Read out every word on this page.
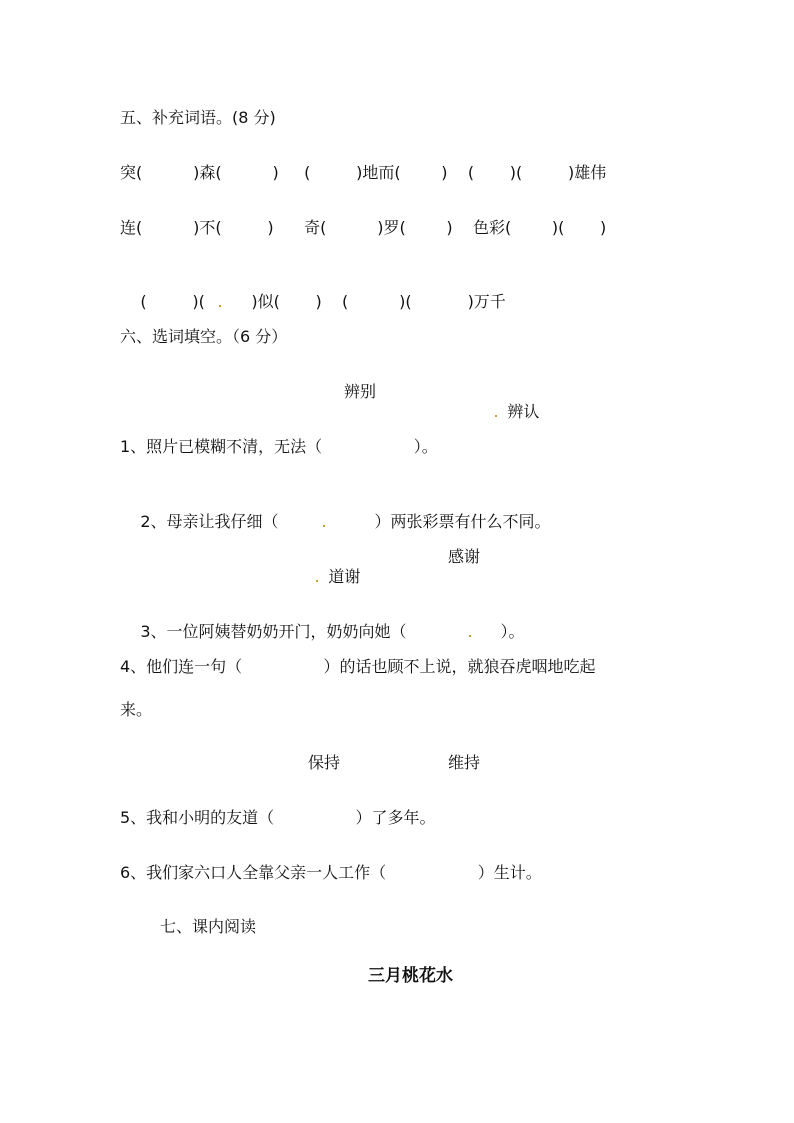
五、补充词语。(8 分)
突(          )森(          )     (         )地而(        )    (       )(         )雄伟
连(          )不(         )      奇(          )罗(        )    色彩(        )(       )

(         )(      )似(       )    (          )(           )万千

六、选词填空。（6 分）
辨别

辨认

1、照片已模糊不清，无法（                  ）。

2、母亲让我仔细（	）两张彩票有什么不同。

道谢

感谢

3、一位阿姨替奶奶开门，奶奶向她（	）。

4、他们连一句（                ）的话也顾不上说，就狼吞虎咽地吃起
来。
保持	维持
5、我和小明的友道（                ）了多年。
6、我们家六口人全靠父亲一人工作（                  ）生计。
七、课内阅读
三月桃花水
